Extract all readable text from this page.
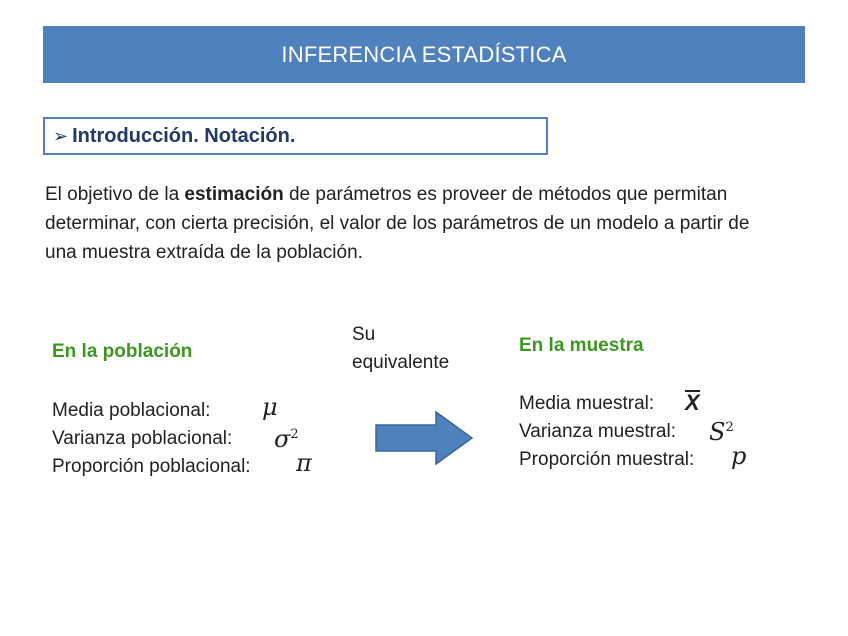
INFERENCIA ESTADÍSTICA
➢ Introducción. Notación.
El objetivo de la estimación de parámetros es proveer de métodos que permitan determinar, con cierta precisión, el valor de los parámetros de un modelo a partir de una muestra extraída de la población.
En la población
Media poblacional: μ
Varianza poblacional: $\sigma^2$
Proporción poblacional: π
Su
equivalente
En la muestra
Media muestral: X
Varianza muestral: $S^2$
Proporción muestral: p
